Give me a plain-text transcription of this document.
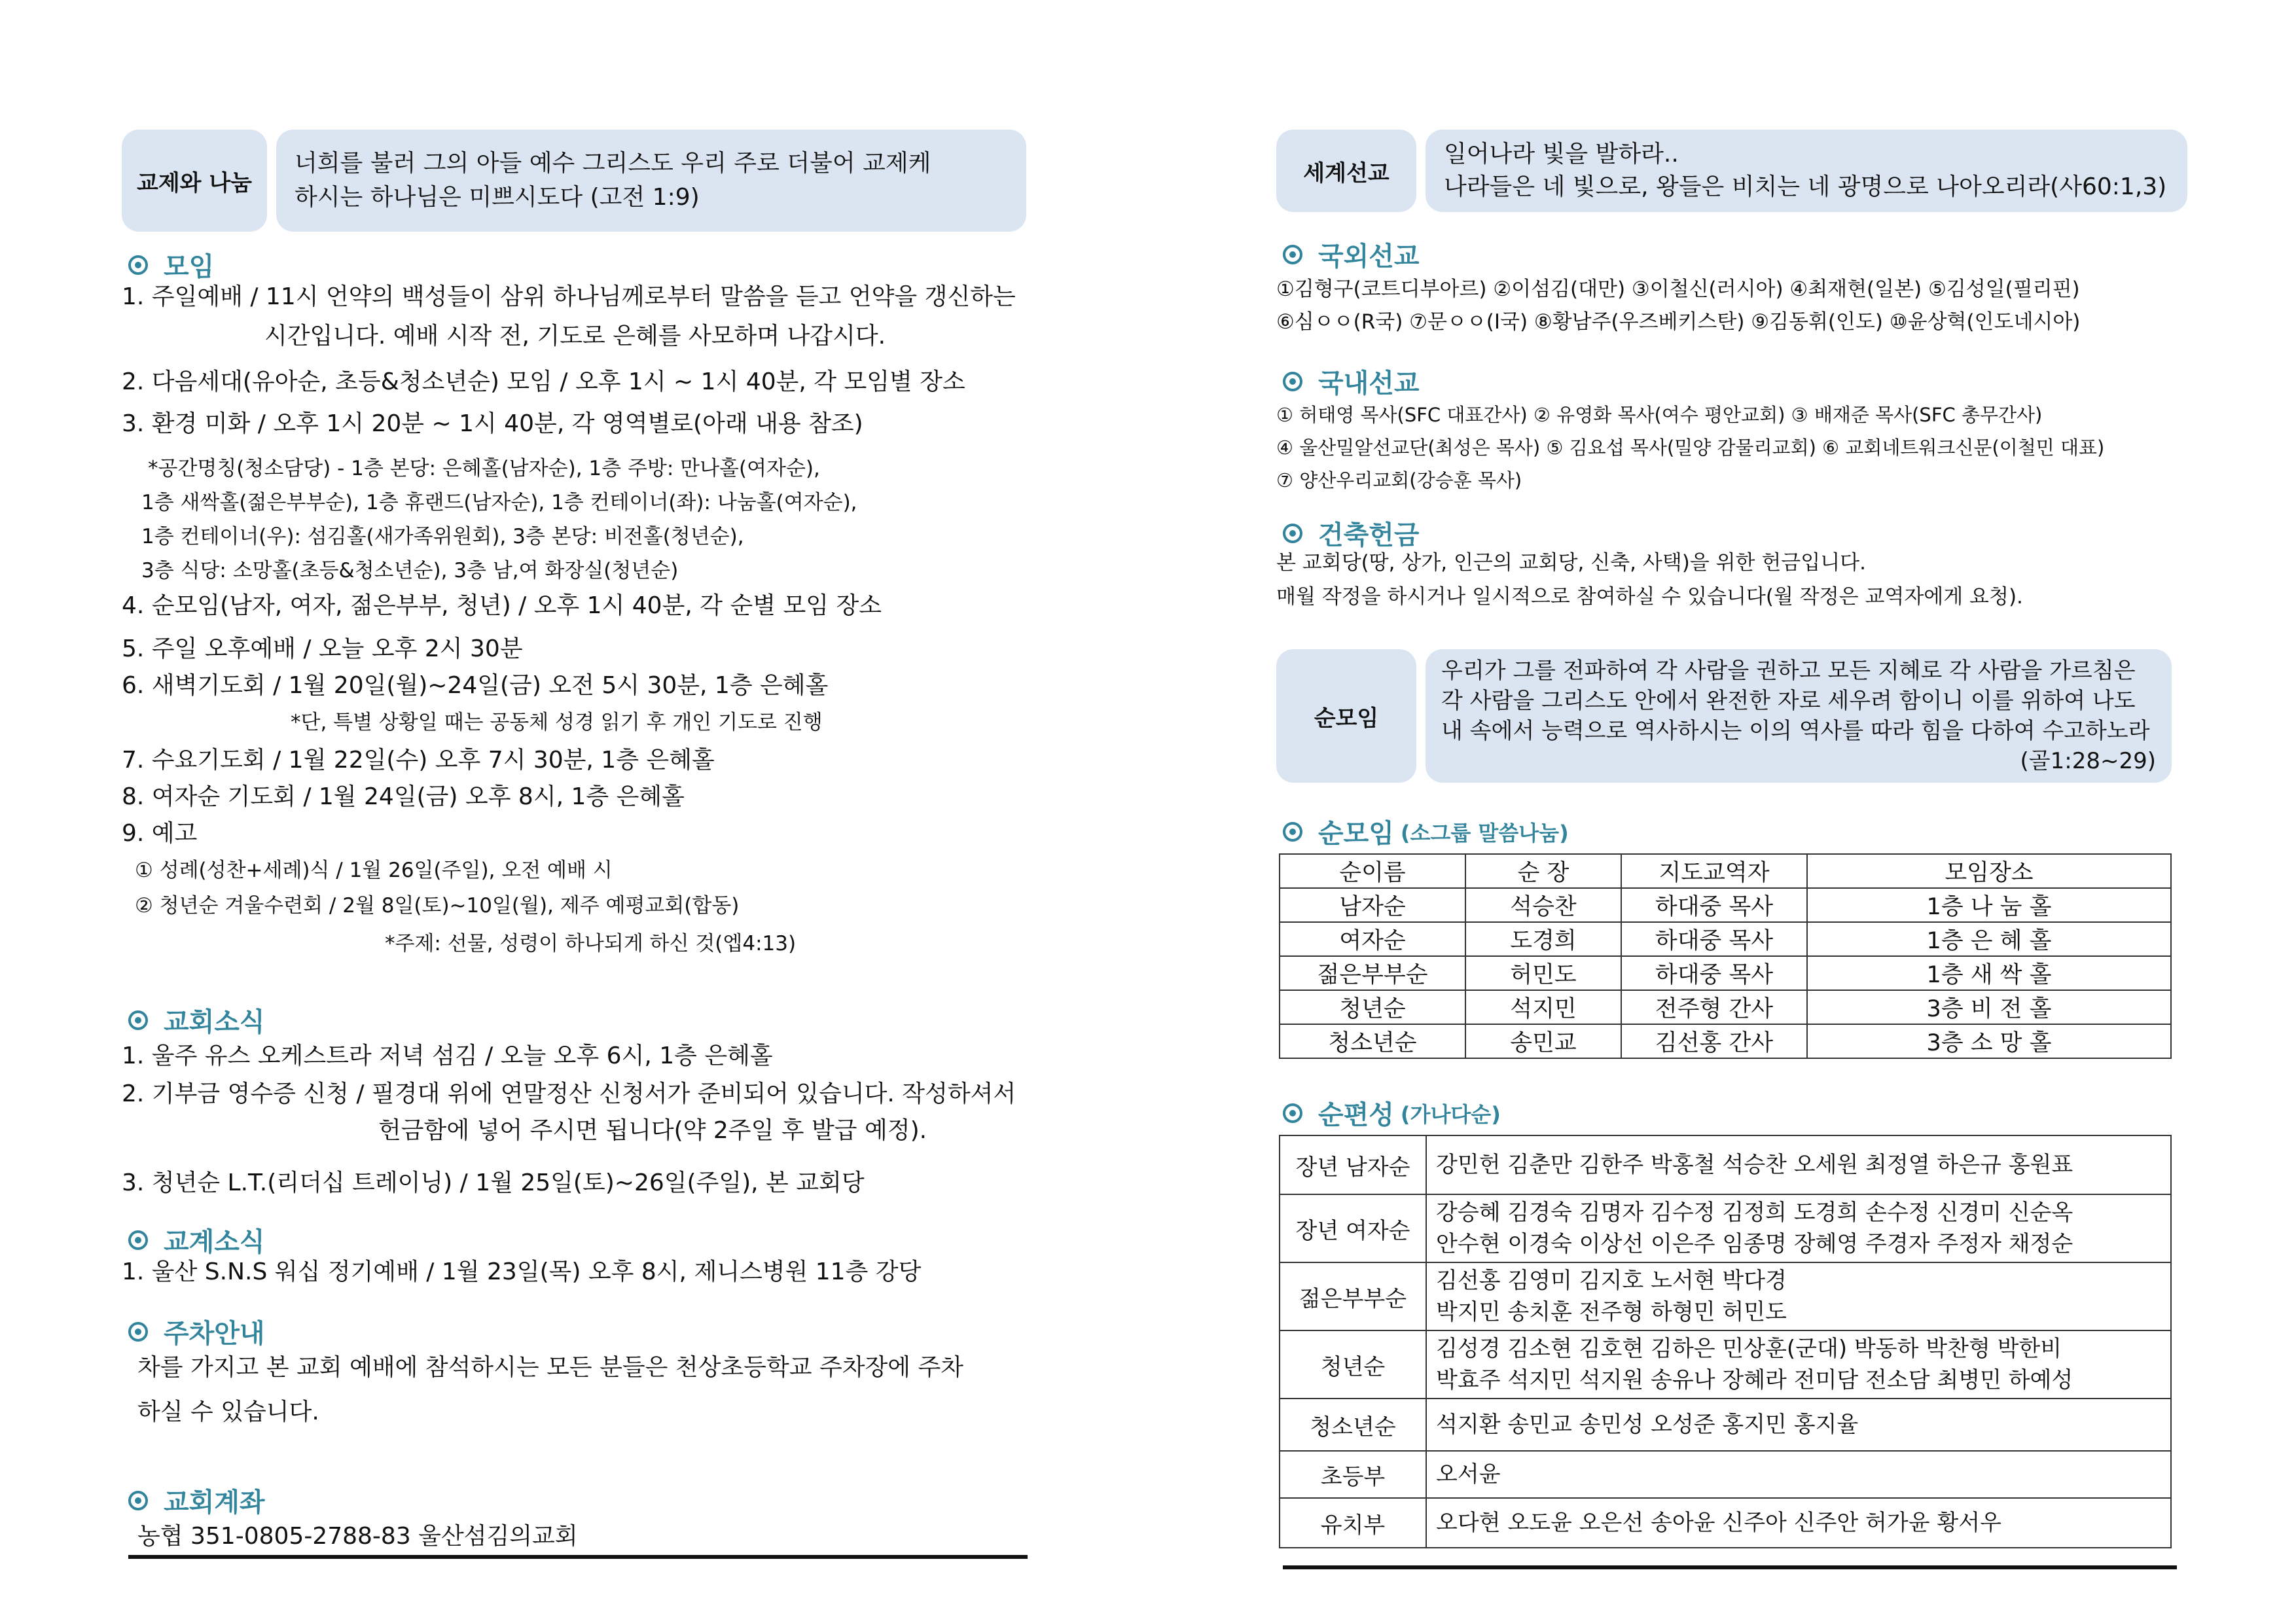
교제와 나눔
너희를 불러 그의 아들 예수 그리스도 우리 주로 더불어 교제케
하시는 하나님은 미쁘시도다 (고전 1:9)
모임
1. 주일예배 / 11시 언약의 백성들이 삼위 하나님께로부터 말씀을 듣고 언약을 갱신하는
시간입니다. 예배 시작 전, 기도로 은혜를 사모하며 나갑시다.
2. 다음세대(유아순, 초등&청소년순) 모임 / 오후 1시 ~ 1시 40분, 각 모임별 장소
3. 환경 미화 / 오후 1시 20분 ~ 1시 40분, 각 영역별로(아래 내용 참조)
*공간명칭(청소담당) - 1층 본당: 은혜홀(남자순), 1층 주방: 만나홀(여자순),
1층 새싹홀(젊은부부순), 1층 휴랜드(남자순), 1층 컨테이너(좌): 나눔홀(여자순),
1층 컨테이너(우): 섬김홀(새가족위원회), 3층 본당: 비전홀(청년순),
3층 식당: 소망홀(초등&청소년순), 3층 남,여 화장실(청년순)
4. 순모임(남자, 여자, 젊은부부, 청년) / 오후 1시 40분, 각 순별 모임 장소
5. 주일 오후예배 / 오늘 오후 2시 30분
6. 새벽기도회 / 1월 20일(월)~24일(금) 오전 5시 30분, 1층 은혜홀
*단, 특별 상황일 때는 공동체 성경 읽기 후 개인 기도로 진행
7. 수요기도회 / 1월 22일(수) 오후 7시 30분, 1층 은혜홀
8. 여자순 기도회 / 1월 24일(금) 오후 8시, 1층 은혜홀
9. 예고
① 성례(성찬+세례)식 / 1월 26일(주일), 오전 예배 시
② 청년순 겨울수련회 / 2월 8일(토)~10일(월), 제주 예평교회(합동)
*주제: 선물, 성령이 하나되게 하신 것(엡4:13)
교회소식
1. 울주 유스 오케스트라 저녁 섬김 / 오늘 오후 6시, 1층 은혜홀
2. 기부금 영수증 신청 / 필경대 위에 연말정산 신청서가 준비되어 있습니다. 작성하셔서
헌금함에 넣어 주시면 됩니다(약 2주일 후 발급 예정).
3. 청년순 L.T.(리더십 트레이닝) / 1월 25일(토)~26일(주일), 본 교회당
교계소식
1. 울산 S.N.S 워십 정기예배 / 1월 23일(목) 오후 8시, 제니스병원 11층 강당
주차안내
차를 가지고 본 교회 예배에 참석하시는 모든 분들은 천상초등학교 주차장에 주차
하실 수 있습니다.
교회계좌
농협 351-0805-2788-83 울산섬김의교회
세계선교
일어나라 빛을 발하라..
나라들은 네 빛으로, 왕들은 비치는 네 광명으로 나아오리라(사60:1,3)
국외선교
①김형구(코트디부아르) ②이섬김(대만) ③이철신(러시아) ④최재현(일본) ⑤김성일(필리핀)
⑥심ㅇㅇ(R국) ⑦문ㅇㅇ(I국) ⑧황남주(우즈베키스탄) ⑨김동휘(인도) ⑩윤상혁(인도네시아)
국내선교
① 허태영 목사(SFC 대표간사) ② 유영화 목사(여수 평안교회) ③ 배재준 목사(SFC 총무간사)
④ 울산밀알선교단(최성은 목사) ⑤ 김요섭 목사(밀양 감물리교회) ⑥ 교회네트워크신문(이철민 대표)
⑦ 양산우리교회(강승훈 목사)
건축헌금
본 교회당(땅, 상가, 인근의 교회당, 신축, 사택)을 위한 헌금입니다.
매월 작정을 하시거나 일시적으로 참여하실 수 있습니다(월 작정은 교역자에게 요청).
순모임
우리가 그를 전파하여 각 사람을 권하고 모든 지혜로 각 사람을 가르침은
각 사람을 그리스도 안에서 완전한 자로 세우려 함이니 이를 위하여 나도
내 속에서 능력으로 역사하시는 이의 역사를 따라 힘을 다하여 수고하노라
(골1:28~29)
순모임 (소그룹 말씀나눔)
순이름	순 장	지도교역자	모임장소
남자순	석승찬	하대중 목사	1층 나 눔 홀
여자순	도경희	하대중 목사	1층 은 혜 홀
젊은부부순	허민도	하대중 목사	1층 새 싹 홀
청년순	석지민	전주형 간사	3층 비 전 홀
청소년순	송민교	김선홍 간사	3층 소 망 홀
순편성 (가나다순)
장년 남자순	강민헌 김춘만 김한주 박홍철 석승찬 오세원 최정열 하은규 홍원표

장년 여자순	강승혜 김경숙 김명자 김수정 김정희 도경희 손수정 신경미 신순옥
안수현 이경숙 이상선 이은주 임종명 장혜영 주경자 주정자 채정순

젊은부부순	김선홍 김영미 김지호 노서현 박다경
박지민 송치훈 전주형 하형민 허민도

청년순	김성경 김소현 김호현 김하은 민상훈(군대) 박동하 박찬형 박한비
박효주 석지민 석지원 송유나 장혜라 전미담 전소담 최병민 하예성

청소년순	석지환 송민교 송민성 오성준 홍지민 홍지율

초등부	오서윤

유치부	오다현 오도윤 오은선 송아윤 신주아 신주안 허가윤 황서우
